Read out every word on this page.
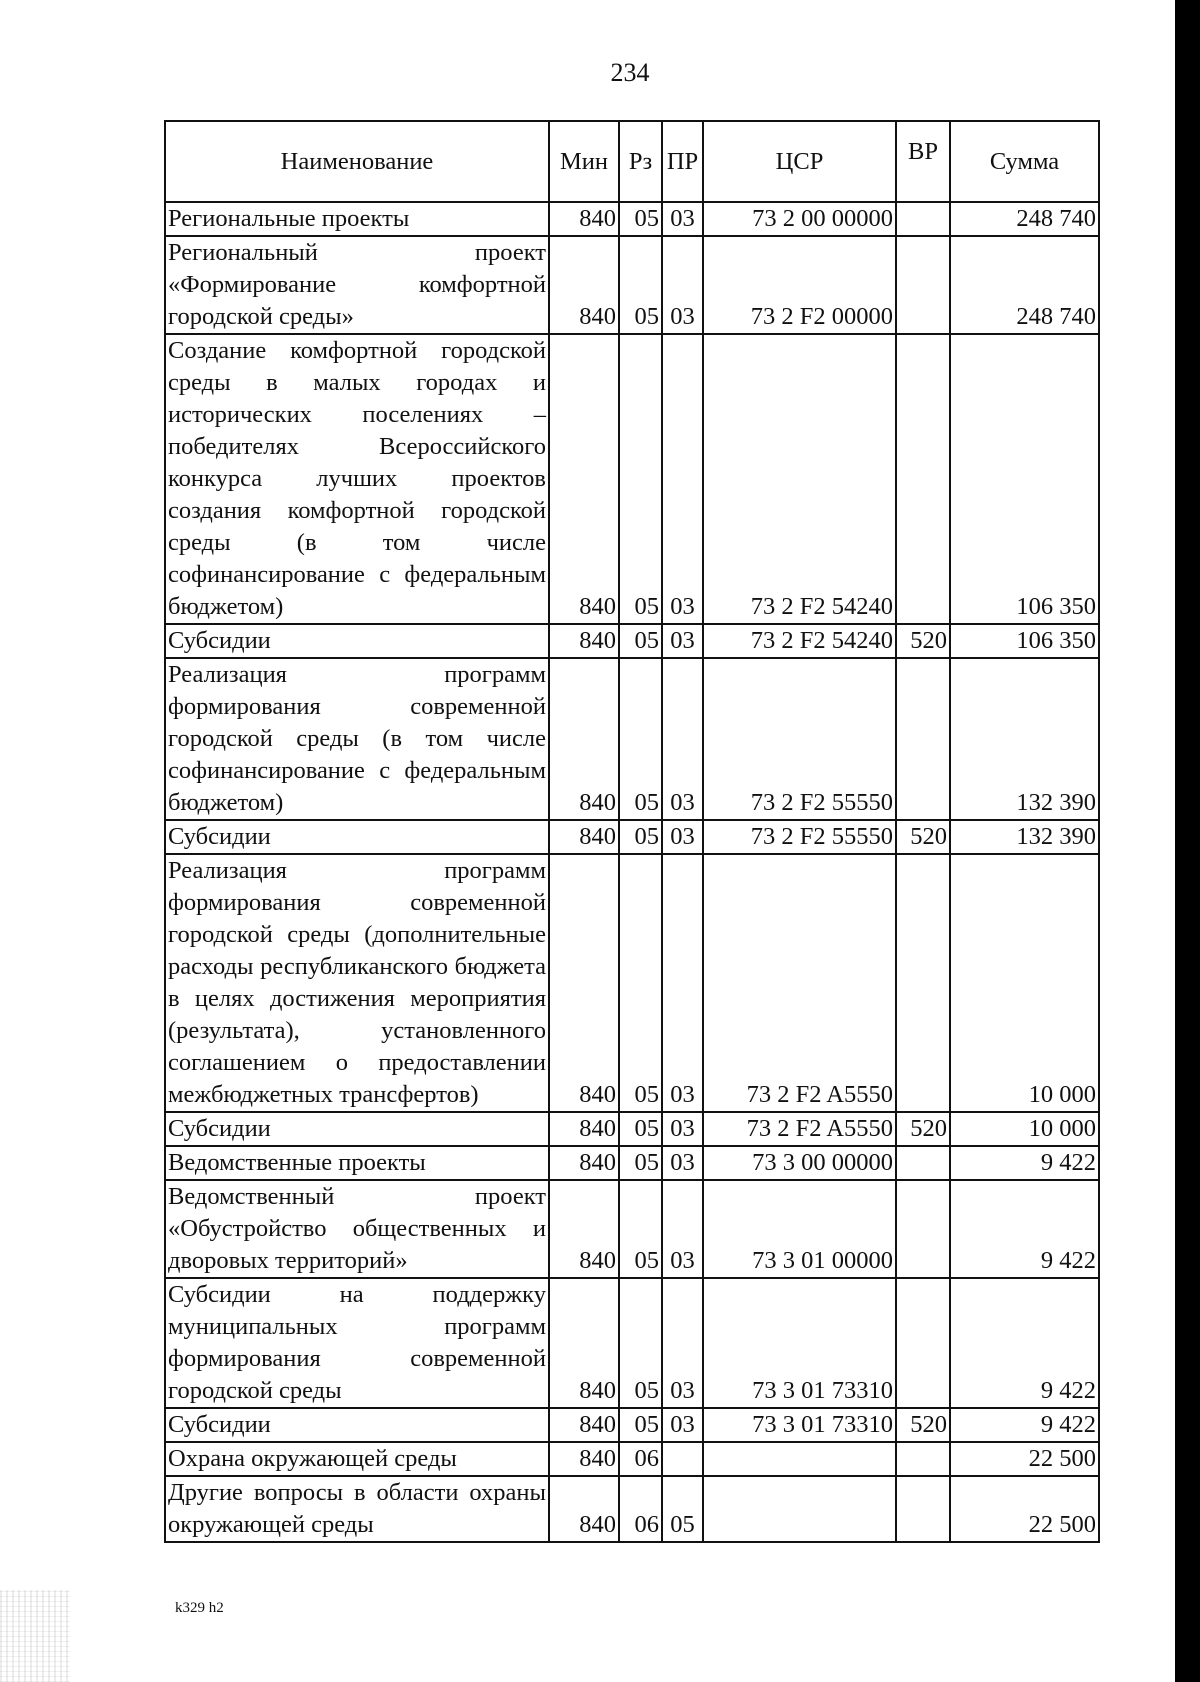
234
Наименование	Мин	Рз	ПР	ЦСР	ВР	Сумма
Региональные проекты	840	05	03	73 2 00 00000		248 740
Региональный проект «Формирование комфортной городской среды»	840	05	03	73 2 F2 00000		248 740
Создание комфортной городской среды в малых городах и исторических поселениях – победителях Всероссийского конкурса лучших проектов создания комфортной городской среды (в том числе софинансирование с федеральным бюджетом)	840	05	03	73 2 F2 54240		106 350
Субсидии	840	05	03	73 2 F2 54240	520	106 350
Реализация программ формирования современной городской среды (в том числе софинансирование с федеральным бюджетом)	840	05	03	73 2 F2 55550		132 390
Субсидии	840	05	03	73 2 F2 55550	520	132 390
Реализация программ формирования современной городской среды (дополнительные расходы республиканского бюджета в целях достижения мероприятия (результата), установленного соглашением о предоставлении межбюджетных трансфертов)	840	05	03	73 2 F2 A5550		10 000
Субсидии	840	05	03	73 2 F2 A5550	520	10 000
Ведомственные проекты	840	05	03	73 3 00 00000		9 422
Ведомственный проект «Обустройство общественных и дворовых территорий»	840	05	03	73 3 01 00000		9 422
Субсидии на поддержку муниципальных программ формирования современной городской среды	840	05	03	73 3 01 73310		9 422
Субсидии	840	05	03	73 3 01 73310	520	9 422
Охрана окружающей среды	840	06				22 500
Другие вопросы в области охраны окружающей среды	840	06	05			22 500
k329 h2
